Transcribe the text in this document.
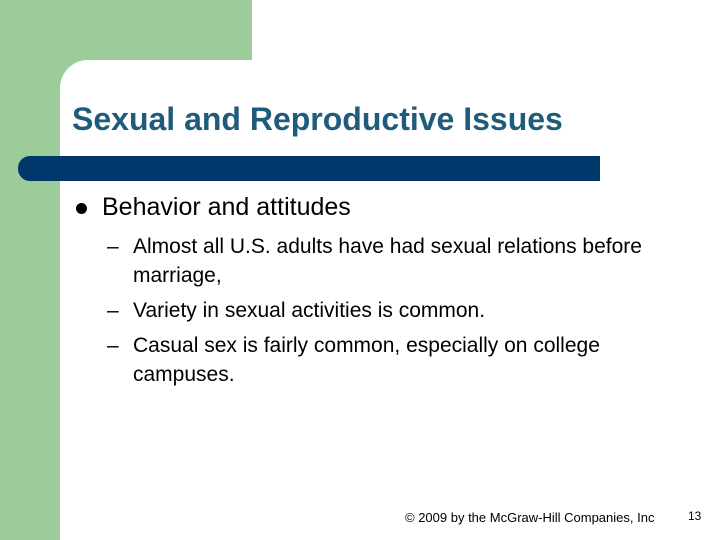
Sexual and Reproductive Issues
Behavior and attitudes
– Almost all U.S. adults have had sexual relations before marriage,
– Variety in sexual activities is common.
– Casual sex is fairly common, especially on college campuses.
© 2009 by the McGraw-Hill Companies, Inc	13
